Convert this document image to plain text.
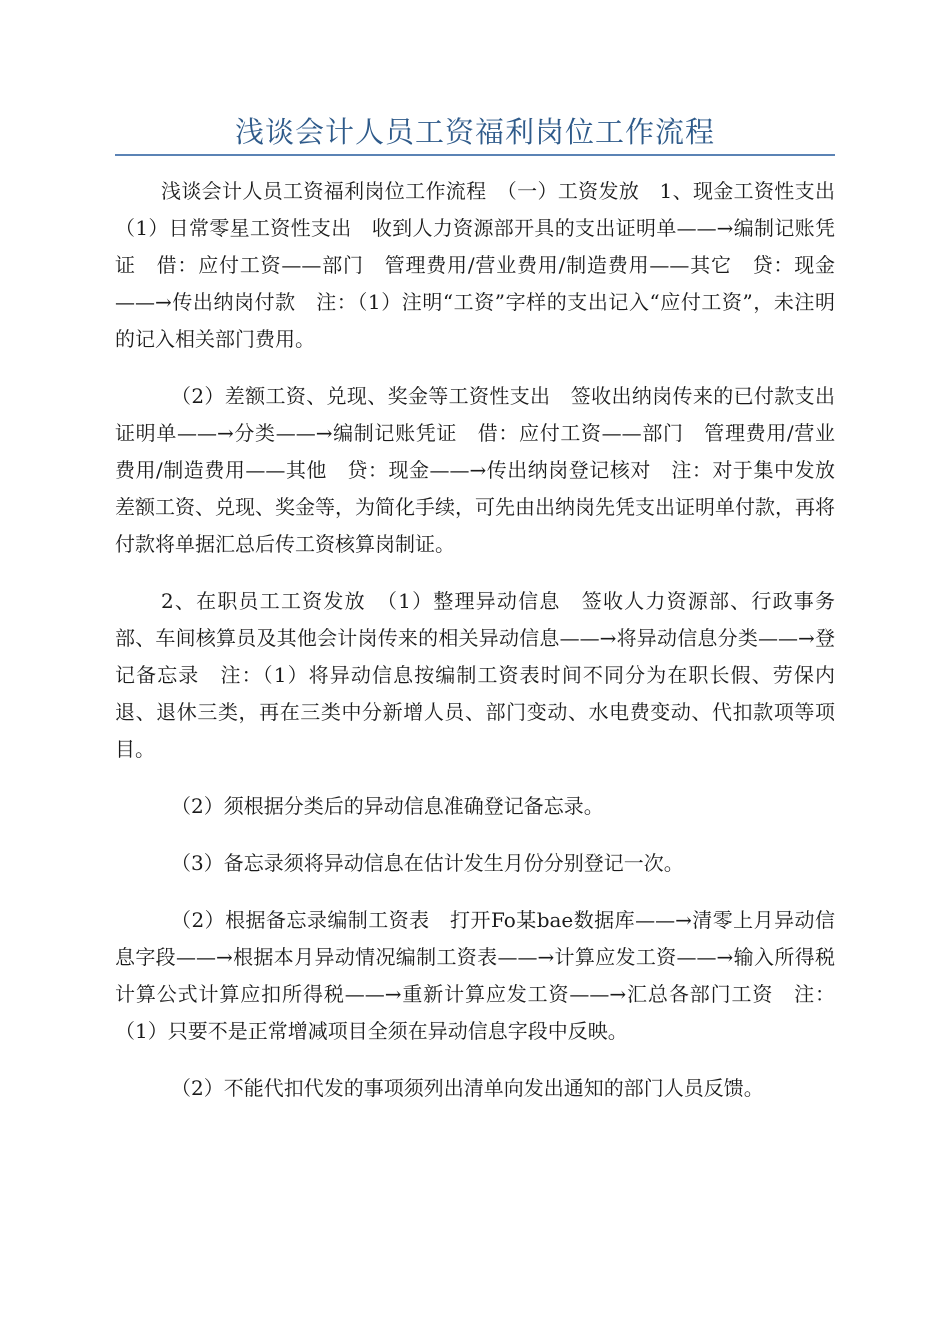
浅谈会计人员工资福利岗位工作流程

浅谈会计人员工资福利岗位工作流程　（一）工资发放　1、现金工资性支出　（1）日常零星工资性支出　收到人力资源部开具的支出证明单——→编制记账凭证　借：应付工资——部门　管理费用/营业费用/制造费用——其它　贷：现金——→传出纳岗付款　注：（1）注明“工资”字样的支出记入“应付工资”，未注明的记入相关部门费用。

（2）差额工资、兑现、奖金等工资性支出　签收出纳岗传来的已付款支出证明单——→分类——→编制记账凭证　借：应付工资——部门　管理费用/营业费用/制造费用——其他　贷：现金——→传出纳岗登记核对　注：对于集中发放差额工资、兑现、奖金等，为简化手续，可先由出纳岗先凭支出证明单付款，再将付款将单据汇总后传工资核算岗制证。

2、在职员工工资发放　（1）整理异动信息　签收人力资源部、行政事务部、车间核算员及其他会计岗传来的相关异动信息——→将异动信息分类——→登记备忘录　注：（1）将异动信息按编制工资表时间不同分为在职长假、劳保内退、退休三类，再在三类中分新增人员、部门变动、水电费变动、代扣款项等项目。

（2）须根据分类后的异动信息准确登记备忘录。

（3）备忘录须将异动信息在估计发生月份分别登记一次。

（2）根据备忘录编制工资表　打开Fo某bae数据库——→清零上月异动信息字段——→根据本月异动情况编制工资表——→计算应发工资——→输入所得税计算公式计算应扣所得税——→重新计算应发工资——→汇总各部门工资　注：（1）只要不是正常增减项目全须在异动信息字段中反映。

（2）不能代扣代发的事项须列出清单向发出通知的部门人员反馈。
